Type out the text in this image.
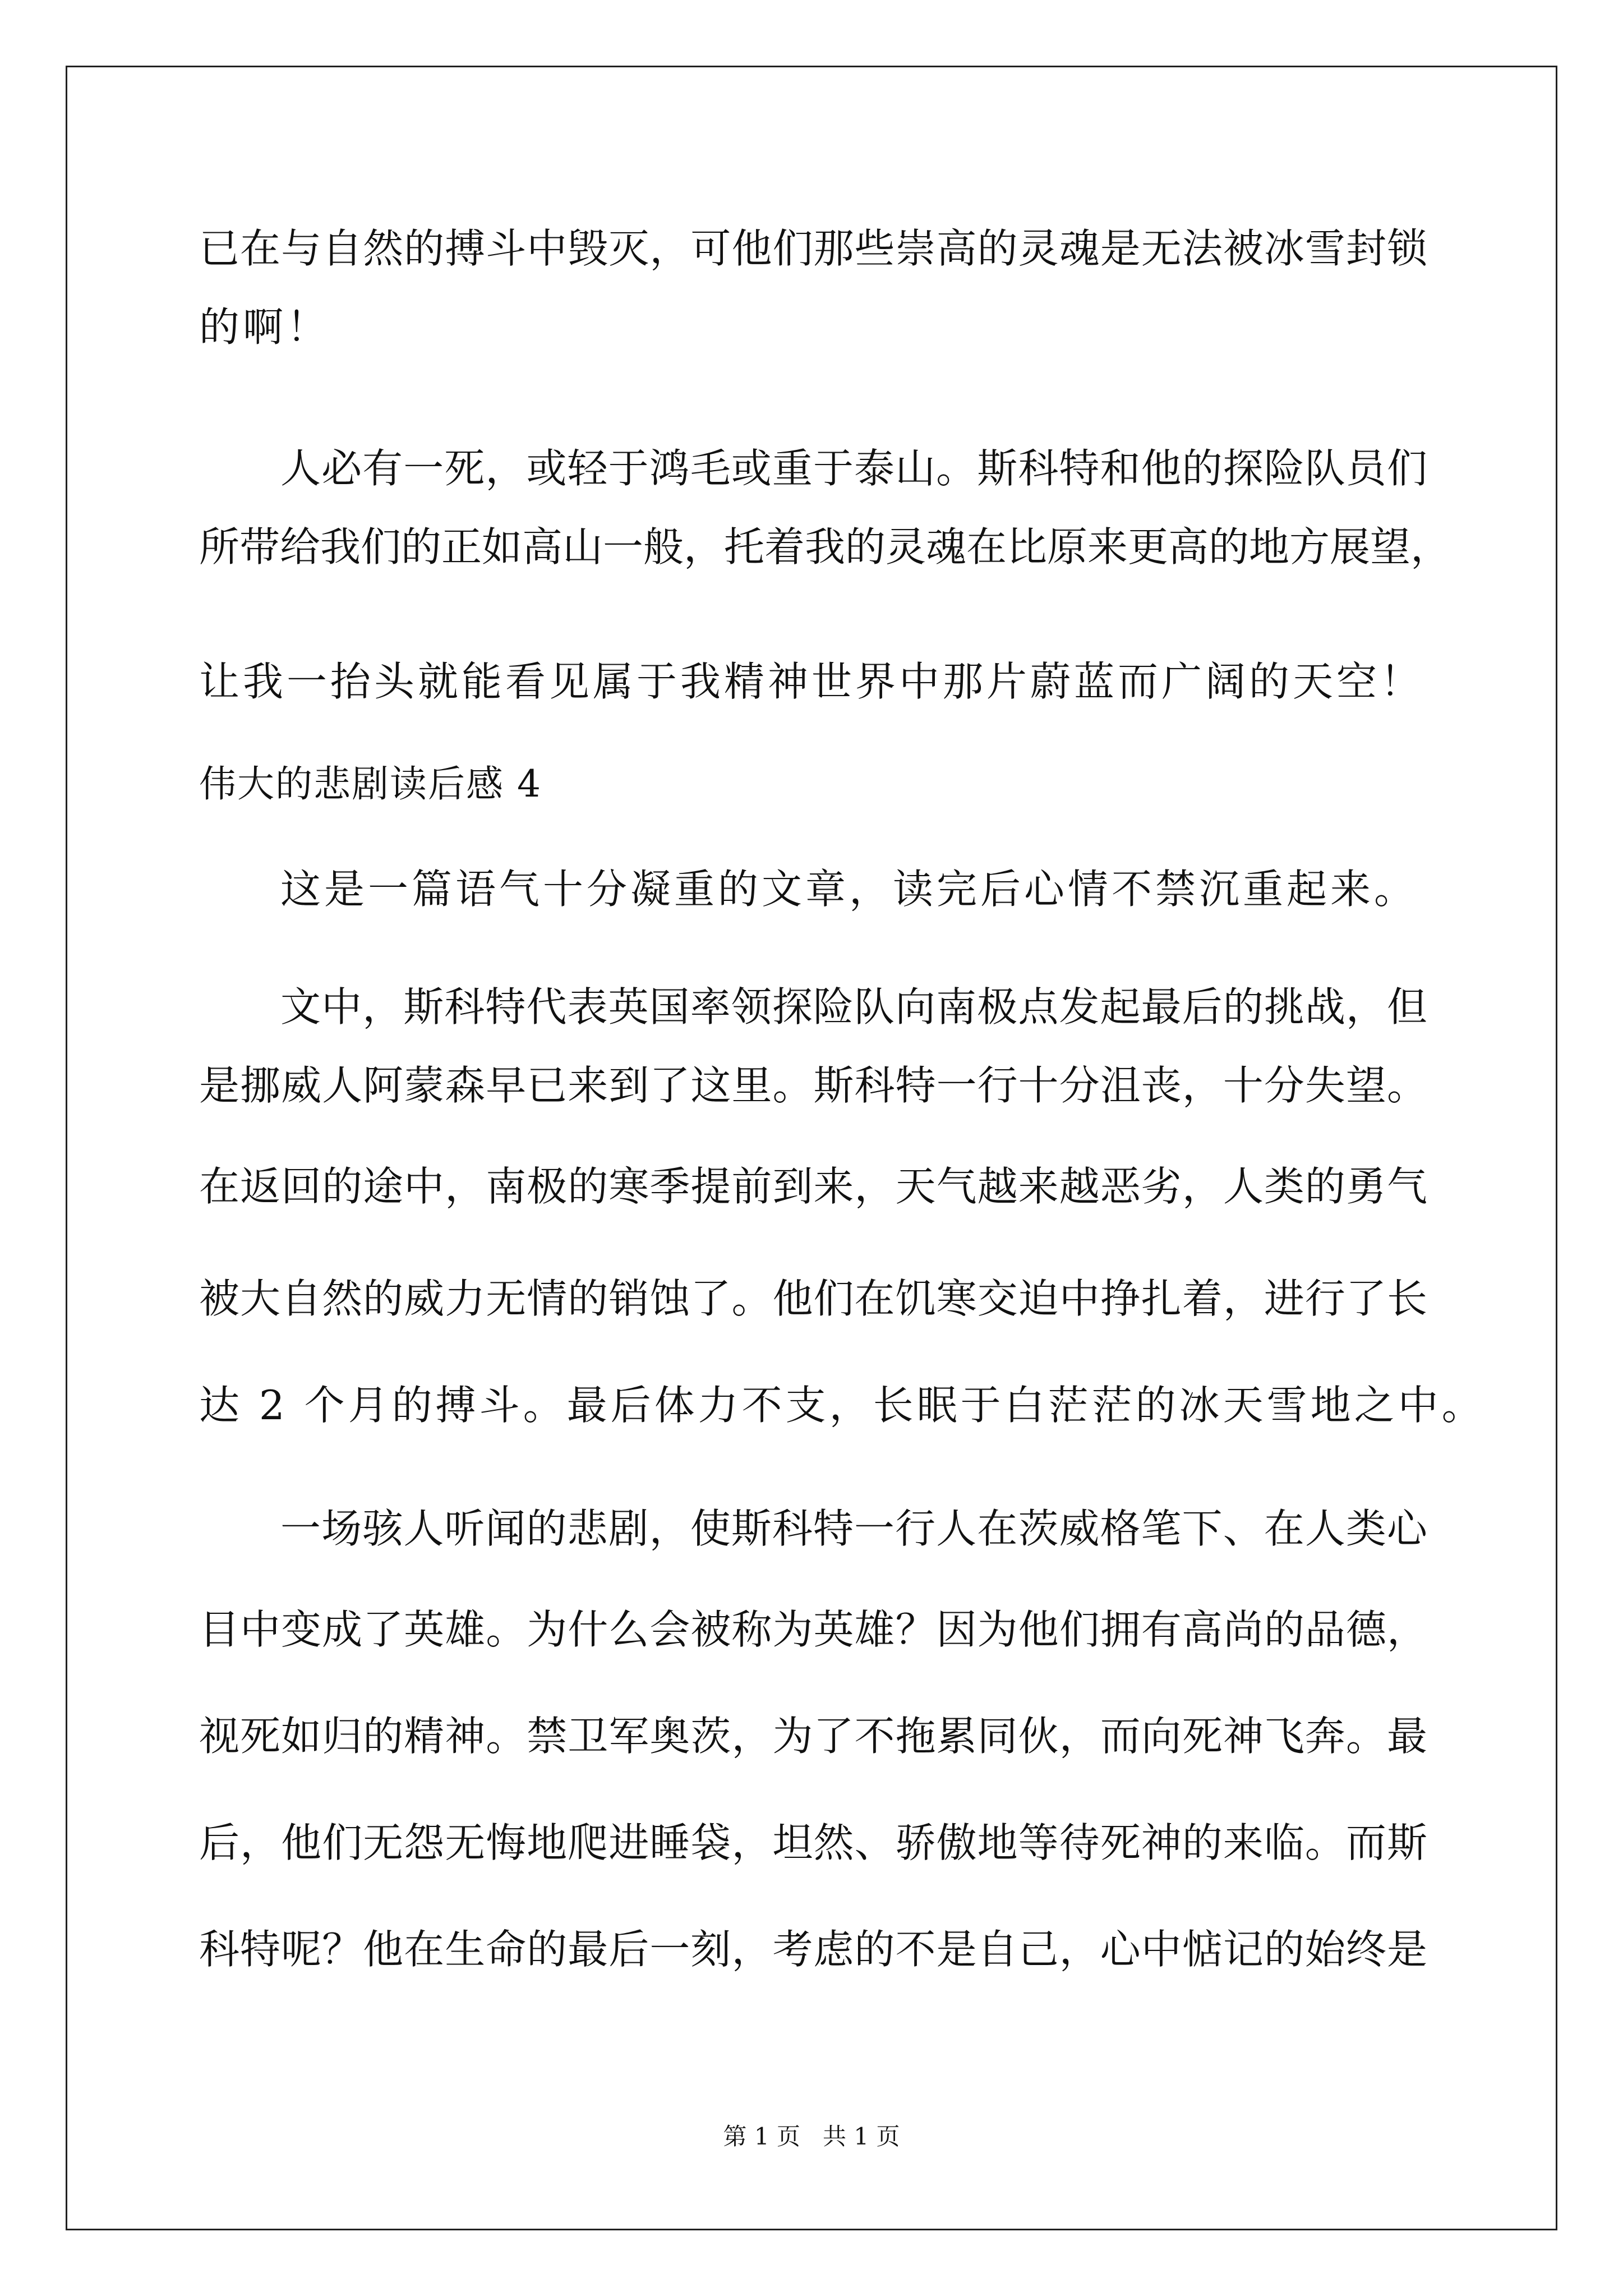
已在与自然的搏斗中毁灭，可他们那些崇高的灵魂是无法被冰雪封锁
的啊！
人必有一死，或轻于鸿毛或重于泰山。斯科特和他的探险队员们
所带给我们的正如高山一般，托着我的灵魂在比原来更高的地方展望，
让我一抬头就能看见属于我精神世界中那片蔚蓝而广阔的天空！
伟大的悲剧读后感 4
这是一篇语气十分凝重的文章，读完后心情不禁沉重起来。
文中，斯科特代表英国率领探险队向南极点发起最后的挑战，但
是挪威人阿蒙森早已来到了这里。斯科特一行十分沮丧，十分失望。
在返回的途中，南极的寒季提前到来，天气越来越恶劣，人类的勇气
被大自然的威力无情的销蚀了。他们在饥寒交迫中挣扎着，进行了长
达 2 个月的搏斗。最后体力不支，长眠于白茫茫的冰天雪地之中。
一场骇人听闻的悲剧，使斯科特一行人在茨威格笔下、在人类心
目中变成了英雄。为什么会被称为英雄？因为他们拥有高尚的品德，
视死如归的精神。禁卫军奥茨，为了不拖累同伙，而向死神飞奔。最
后，他们无怨无悔地爬进睡袋，坦然、骄傲地等待死神的来临。而斯
科特呢？他在生命的最后一刻，考虑的不是自己，心中惦记的始终是
第 1 页   共 1 页
